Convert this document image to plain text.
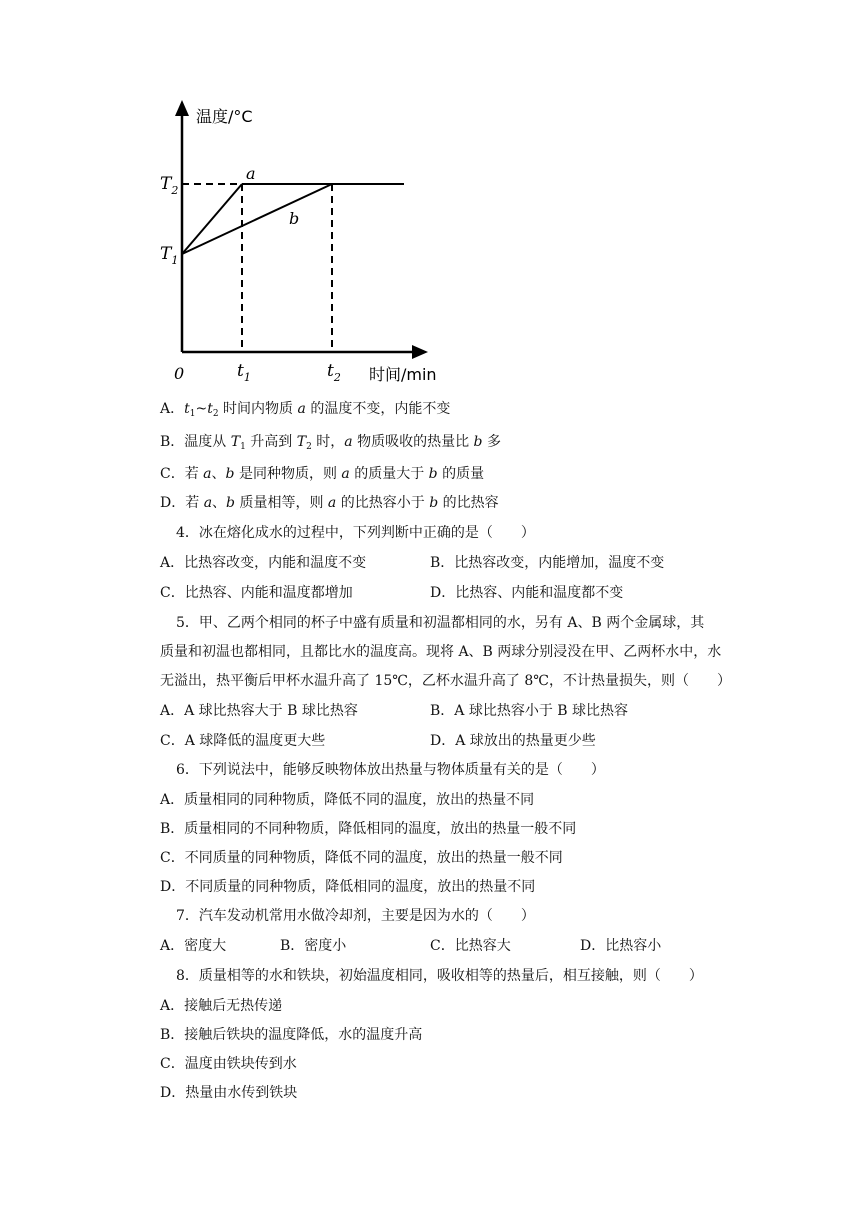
温度/°C
时间/min
0
$T_2$
$T_1$
$t_1$	$t_2$
a
b
A．$t_1\sim t_2$ 时间内物质 a 的温度不变，内能不变
B．温度从 $T_1$ 升高到 $T_2$ 时，a 物质吸收的热量比 b 多
C．若 a、b 是同种物质，则 a 的质量大于 b 的质量
D．若 a、b 质量相等，则 a 的比热容小于 b 的比热容
4．冰在熔化成水的过程中，下列判断中正确的是（　　）
A．比热容改变，内能和温度不变	B．比热容改变，内能增加，温度不变
C．比热容、内能和温度都增加	D．比热容、内能和温度都不变
5．甲、乙两个相同的杯子中盛有质量和初温都相同的水，另有 A、B 两个金属球，其
质量和初温也都相同，且都比水的温度高。现将 A、B 两球分别浸没在甲、乙两杯水中，水
无溢出，热平衡后甲杯水温升高了 15℃，乙杯水温升高了 8℃，不计热量损失，则（　　）
A．A 球比热容大于 B 球比热容	B．A 球比热容小于 B 球比热容
C．A 球降低的温度更大些	D．A 球放出的热量更少些
6．下列说法中，能够反映物体放出热量与物体质量有关的是（　　）
A．质量相同的同种物质，降低不同的温度，放出的热量不同
B．质量相同的不同种物质，降低相同的温度，放出的热量一般不同
C．不同质量的同种物质，降低不同的温度，放出的热量一般不同
D．不同质量的同种物质，降低相同的温度，放出的热量不同
7．汽车发动机常用水做冷却剂，主要是因为水的（　　）
A．密度大	B．密度小	C．比热容大	D．比热容小
8．质量相等的水和铁块，初始温度相同，吸收相等的热量后，相互接触，则（　　）
A．接触后无热传递
B．接触后铁块的温度降低，水的温度升高
C．温度由铁块传到水
D．热量由水传到铁块
